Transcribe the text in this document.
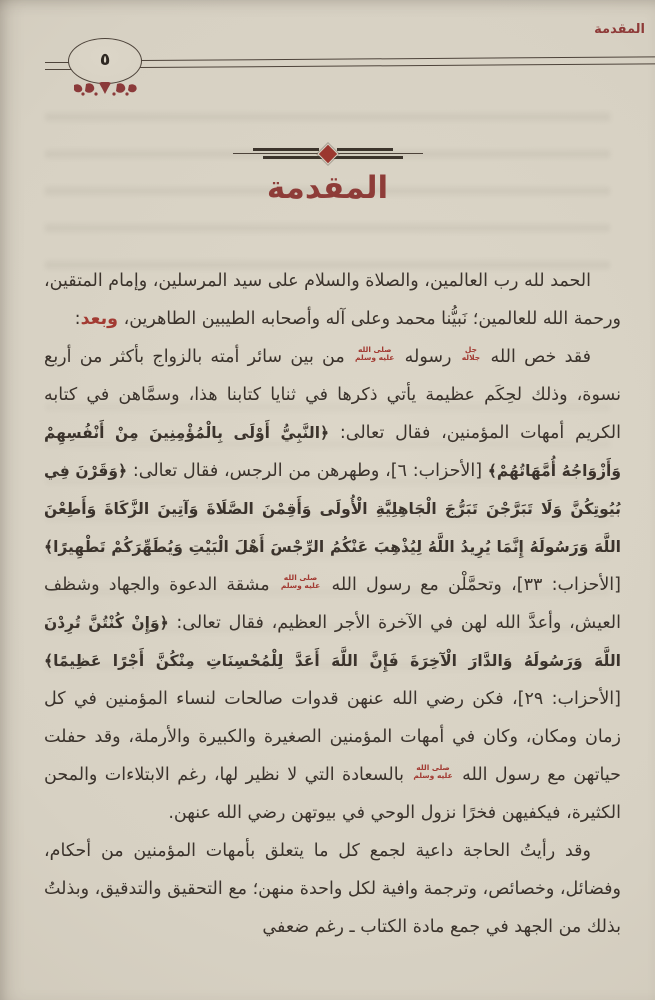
المقدمة
٥
المقدمة

الحمد لله رب العالمين، والصلاة والسلام على سيد المرسلين، وإمام المتقين، ورحمة الله للعالمين؛ نَبيُّنا محمد وعلى آله وأصحابه الطيبين الطاهرين، وبعد:

فقد خص الله
جل
جلاله
رسوله
صلى الله
عليه وسلم
من بين سائر أمته بالزواج بأكثر من أربع نسوة، وذلك لحِكَم عظيمة يأتي ذكرها في ثنايا كتابنا هذا، وسمَّاهن في كتابه الكريم أمهات المؤمنين، فقال تعالى: ﴿النَّبِيُّ أَوْلَى بِالْمُؤْمِنِينَ مِنْ أَنْفُسِهِمْ وَأَزْوَاجُهُ أُمَّهَاتُهُمْ﴾ [الأحزاب: ٦]، وطهرهن من الرجس، فقال تعالى: ﴿وَقَرْنَ فِي بُيُوتِكُنَّ وَلَا تَبَرَّجْنَ تَبَرُّجَ الْجَاهِلِيَّةِ الْأُولَى وَأَقِمْنَ الصَّلَاةَ وَآتِينَ الزَّكَاةَ وَأَطِعْنَ اللَّهَ وَرَسُولَهُ إِنَّمَا يُرِيدُ اللَّهُ لِيُذْهِبَ عَنْكُمُ الرِّجْسَ أَهْلَ الْبَيْتِ وَيُطَهِّرَكُمْ تَطْهِيرًا﴾ [الأحزاب: ٣٣]، وتحمَّلْن مع رسول الله
صلى الله
عليه وسلم
مشقة الدعوة والجهاد وشظف العيش، وأعدَّ الله لهن في الآخرة الأجر العظيم، فقال تعالى: ﴿وَإِنْ كُنْتُنَّ تُرِدْنَ اللَّهَ وَرَسُولَهُ وَالدَّارَ الْآخِرَةَ فَإِنَّ اللَّهَ أَعَدَّ لِلْمُحْسِنَاتِ مِنْكُنَّ أَجْرًا عَظِيمًا﴾ [الأحزاب: ٢٩]، فكن رضي الله عنهن قدوات صالحات لنساء المؤمنين في كل زمان ومكان، وكان في أمهات المؤمنين الصغيرة والكبيرة والأرملة، وقد حفلت حياتهن مع رسول الله
صلى الله
عليه وسلم
بالسعادة التي لا نظير لها، رغم الابتلاءات والمحن الكثيرة، فيكفيهن فخرًا نزول الوحي في بيوتهن رضي الله عنهن.

وقد رأيتُ الحاجة داعية لجمع كل ما يتعلق بأمهات المؤمنين من أحكام، وفضائل، وخصائص، وترجمة وافية لكل واحدة منهن؛ مع التحقيق والتدقيق، وبذلتُ بذلك من الجهد في جمع مادة الكتاب ـ رغم ضعفي
